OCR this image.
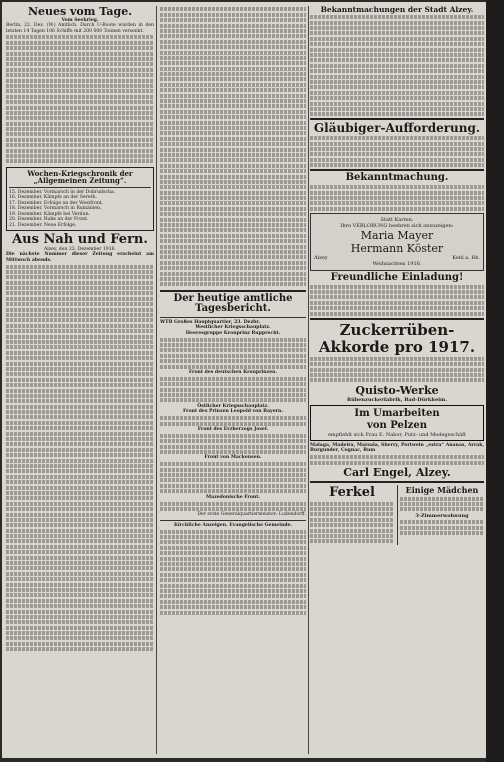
Neues vom Tage.
Vom Seekrieg.

Berlin, 22. Dez. (W.) Amtlich. Durch U-Boote wurden in den letzten 14 Tagen 106 Schiffe mit 200 000 Tonnen versenkt.

Wochen-Kriegschronik der „Allgemeinen Zeitung“.
15. Dezember. Vormarsch in der Dobrudscha.
16. Dezember. Kämpfe an der Sereth.
17. Dezember. Erfolge an der Westfront.
18. Dezember. Vormarsch in Rumänien.
19. Dezember. Kämpfe bei Verdun.
20. Dezember. Ruhe an der Front.
21. Dezember. Neue Erfolge.
Aus Nah und Fern.
Alzey, den 23. Dezember 1916.

Die nächste Nummer dieser Zeitung erscheint am Mittwoch abends.

Der heutige amtliche Tagesbericht.
WTB Großes Hauptquartier, 23. Dezbr.
Westlicher Kriegsschauplatz.
Heeresgruppe Kronprinz Rupprecht.
Front des deutschen Kronprinzen.
Östlicher Kriegsschauplatz.
Front des Prinzen Leopold von Bayern.
Front des Erzherzogs Josef.
Front von Mackensen.
Mazedonische Front.
Der erste Generalquartiermeister: Ludendorff.
Kirchliche Anzeigen. Evangelische Gemeinde.
Bekanntmachungen der Stadt Alzey.
Gläubiger-Aufforderung.
Bekanntmachung.
Statt Karten.
Ihre VERLOBUNG beehren sich anzuzeigen:
Maria Mayer
Hermann Köster
Alzey	Kehl a. Rh.
Weihnachten 1916.
Freundliche Einladung!
Zuckerrüben-
Akkorde pro 1917.
Quisto-Werke
Rübenzuckerfabrik, Bad-Dürkheim.
Im Umarbeiten
von Pelzen
empfiehlt sich Frau E. Nabor, Putz- und Modegeschäft

Malaga, Madeira, Marsala, Sherry, Portwein „extra“ Ananas, Arrak, Burgunder, Cognac, Rum

Carl Engel, Alzey.
Ferkel	Einige Mädchen
3-Zimmerwohnung
